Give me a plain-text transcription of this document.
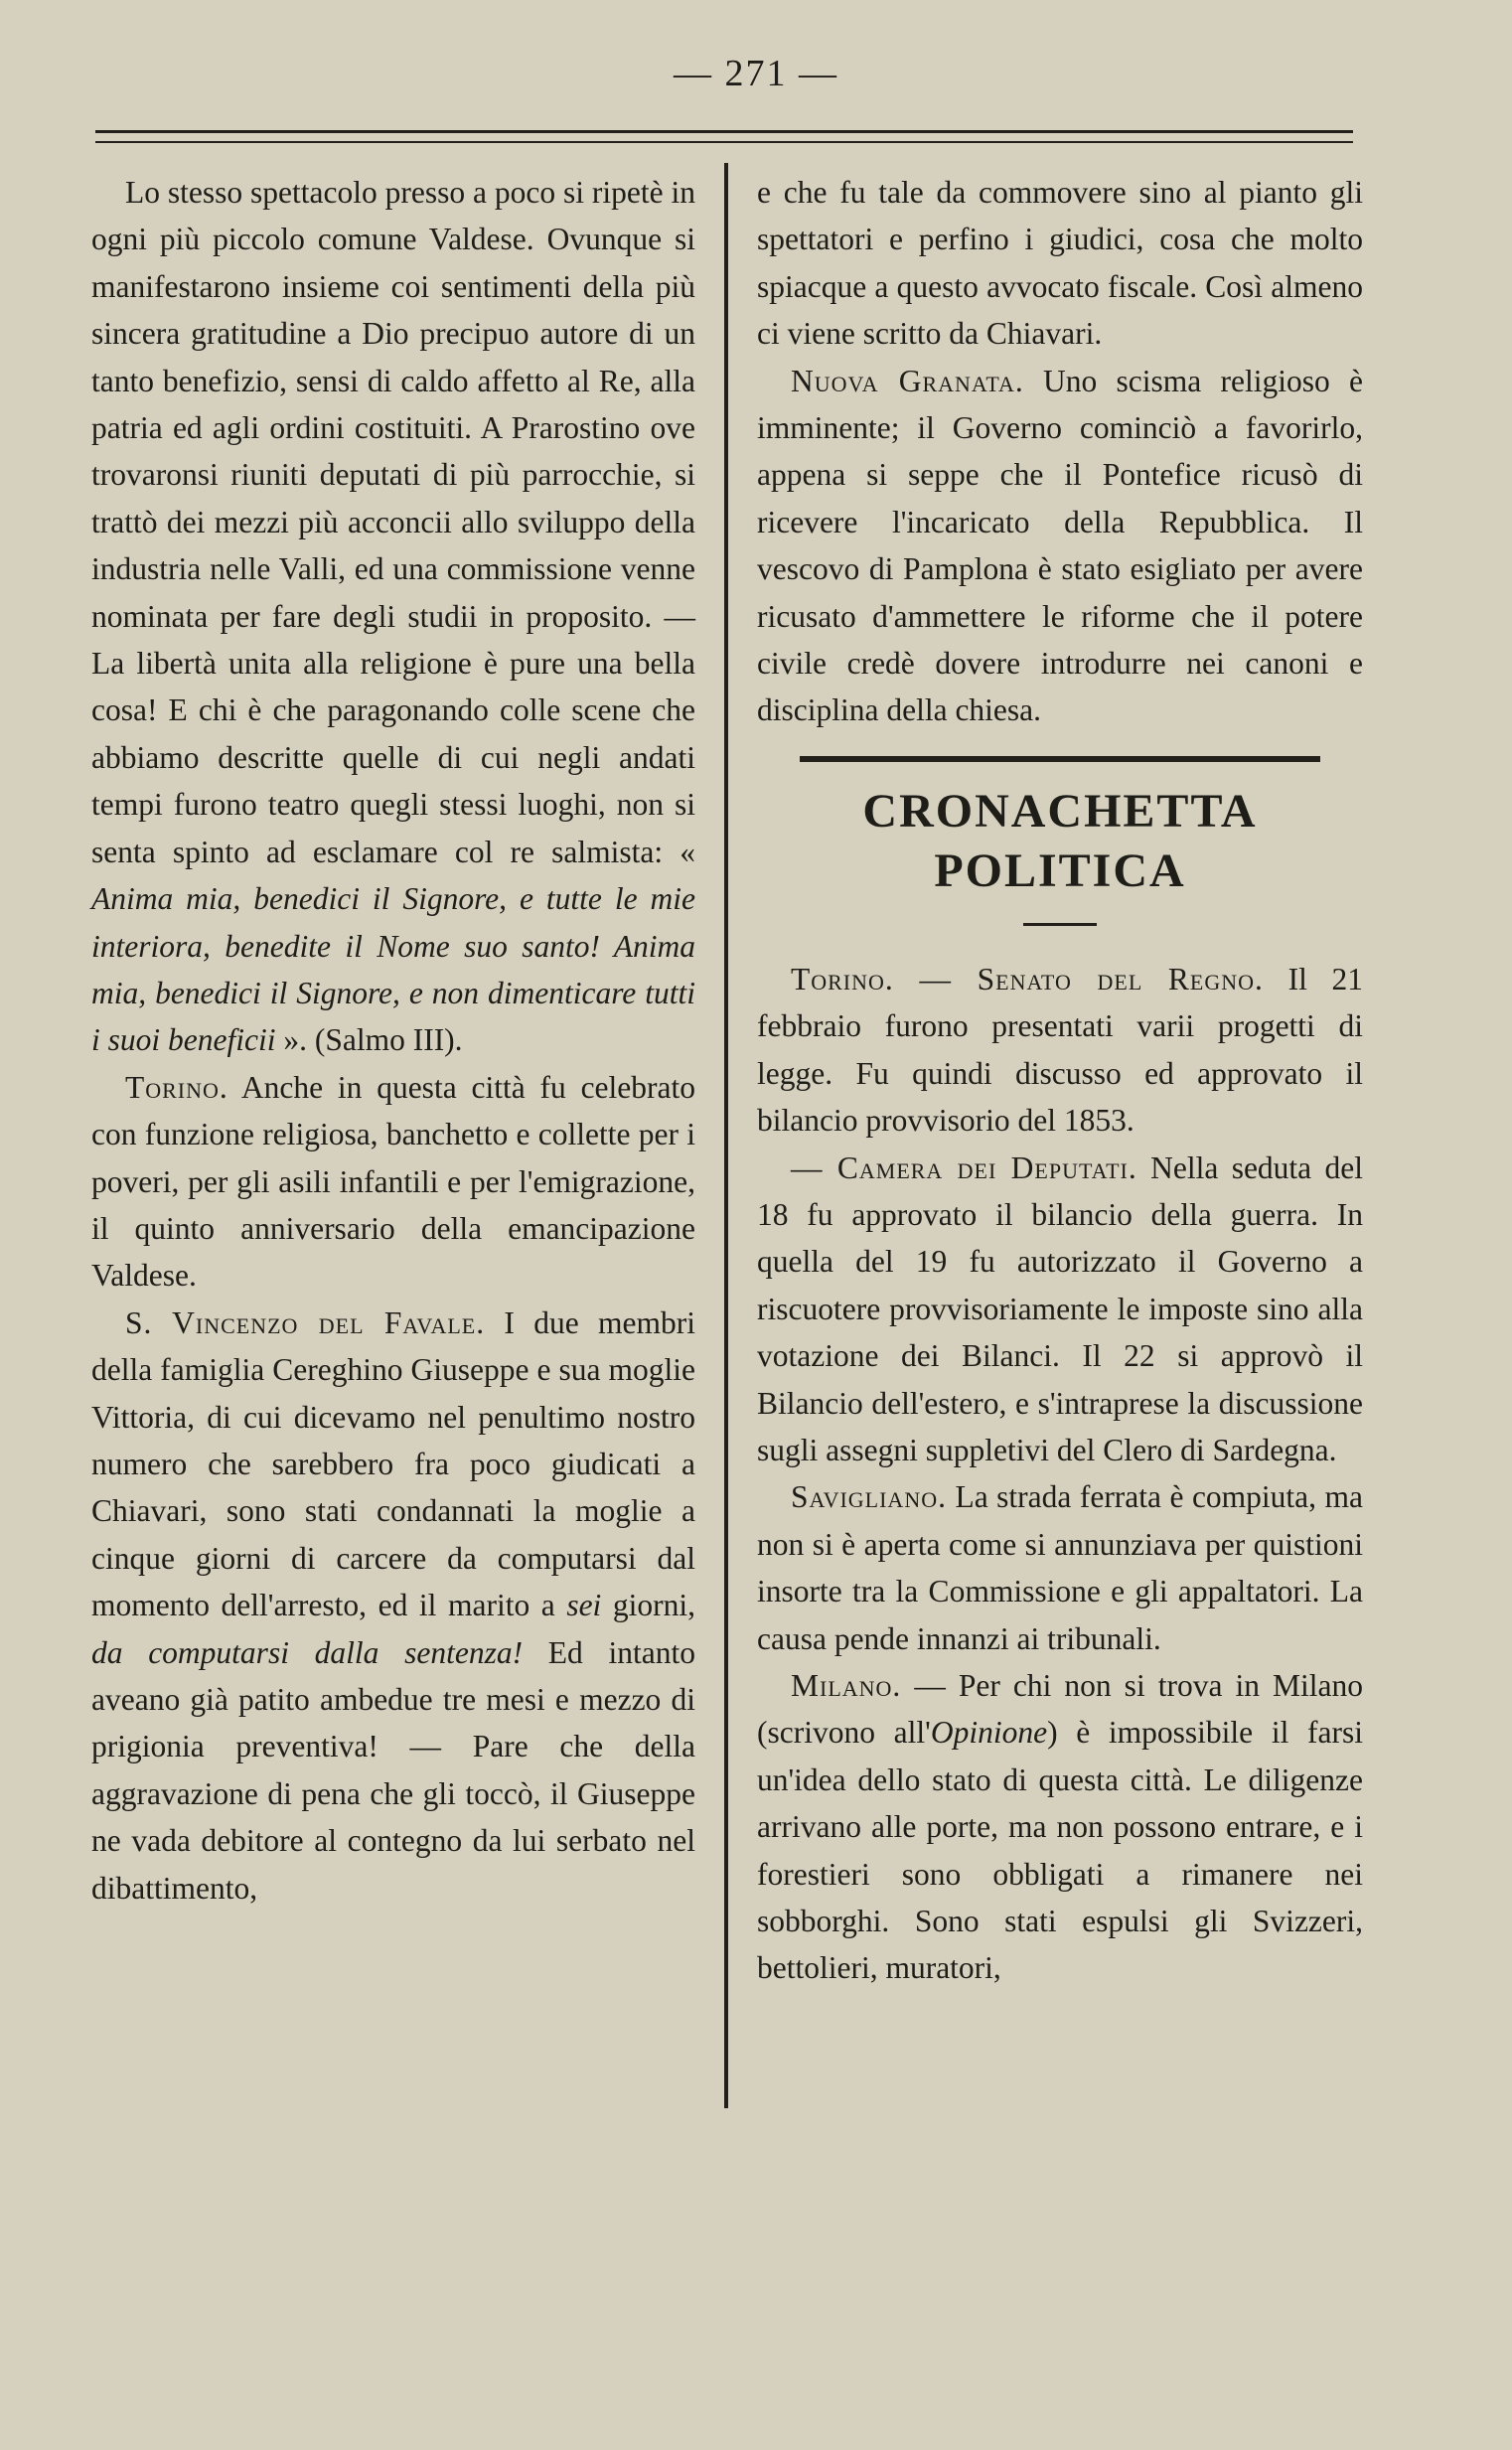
— 271 —

Lo stesso spettacolo presso a poco si ripetè in ogni più piccolo comune Valdese. Ovunque si manifestarono insieme coi sentimenti della più sincera gratitudine a Dio precipuo autore di un tanto benefizio, sensi di caldo affetto al Re, alla patria ed agli ordini costituiti. A Prarostino ove trovaronsi riuniti deputati di più parrocchie, si trattò dei mezzi più acconcii allo sviluppo della industria nelle Valli, ed una commissione venne nominata per fare degli studii in proposito. — La libertà unita alla religione è pure una bella cosa! E chi è che paragonando colle scene che abbiamo descritte quelle di cui negli andati tempi furono teatro quegli stessi luoghi, non si senta spinto ad esclamare col re salmista: « Anima mia, benedici il Signore, e tutte le mie interiora, benedite il Nome suo santo! Anima mia, benedici il Signore, e non dimenticare tutti i suoi beneficii ». (Salmo III).

Torino. Anche in questa città fu celebrato con funzione religiosa, banchetto e collette per i poveri, per gli asili infantili e per l'emigrazione, il quinto anniversario della emancipazione Valdese.

S. Vincenzo del Favale. I due membri della famiglia Cereghino Giuseppe e sua moglie Vittoria, di cui dicevamo nel penultimo nostro numero che sarebbero fra poco giudicati a Chiavari, sono stati condannati la moglie a cinque giorni di carcere da computarsi dal momento dell'arresto, ed il marito a sei giorni, da computarsi dalla sentenza! Ed intanto aveano già patito ambedue tre mesi e mezzo di prigionia preventiva! — Pare che della aggravazione di pena che gli toccò, il Giuseppe ne vada debitore al contegno da lui serbato nel dibattimento,

e che fu tale da commovere sino al pianto gli spettatori e perfino i giudici, cosa che molto spiacque a questo avvocato fiscale. Così almeno ci viene scritto da Chiavari.

Nuova Granata. Uno scisma religioso è imminente; il Governo cominciò a favorirlo, appena si seppe che il Pontefice ricusò di ricevere l'incaricato della Repubblica. Il vescovo di Pamplona è stato esigliato per avere ricusato d'ammettere le riforme che il potere civile credè dovere introdurre nei canoni e disciplina della chiesa.

CRONACHETTA POLITICA

Torino. — Senato del Regno. Il 21 febbraio furono presentati varii progetti di legge. Fu quindi discusso ed approvato il bilancio provvisorio del 1853.

— Camera dei Deputati. Nella seduta del 18 fu approvato il bilancio della guerra. In quella del 19 fu autorizzato il Governo a riscuotere provvisoriamente le imposte sino alla votazione dei Bilanci. Il 22 si approvò il Bilancio dell'estero, e s'intraprese la discussione sugli assegni suppletivi del Clero di Sardegna.

Savigliano. La strada ferrata è compiuta, ma non si è aperta come si annunziava per quistioni insorte tra la Commissione e gli appaltatori. La causa pende innanzi ai tribunali.

Milano. — Per chi non si trova in Milano (scrivono all'Opinione) è impossibile il farsi un'idea dello stato di questa città. Le diligenze arrivano alle porte, ma non possono entrare, e i forestieri sono obbligati a rimanere nei sobborghi. Sono stati espulsi gli Svizzeri, bettolieri, muratori,
